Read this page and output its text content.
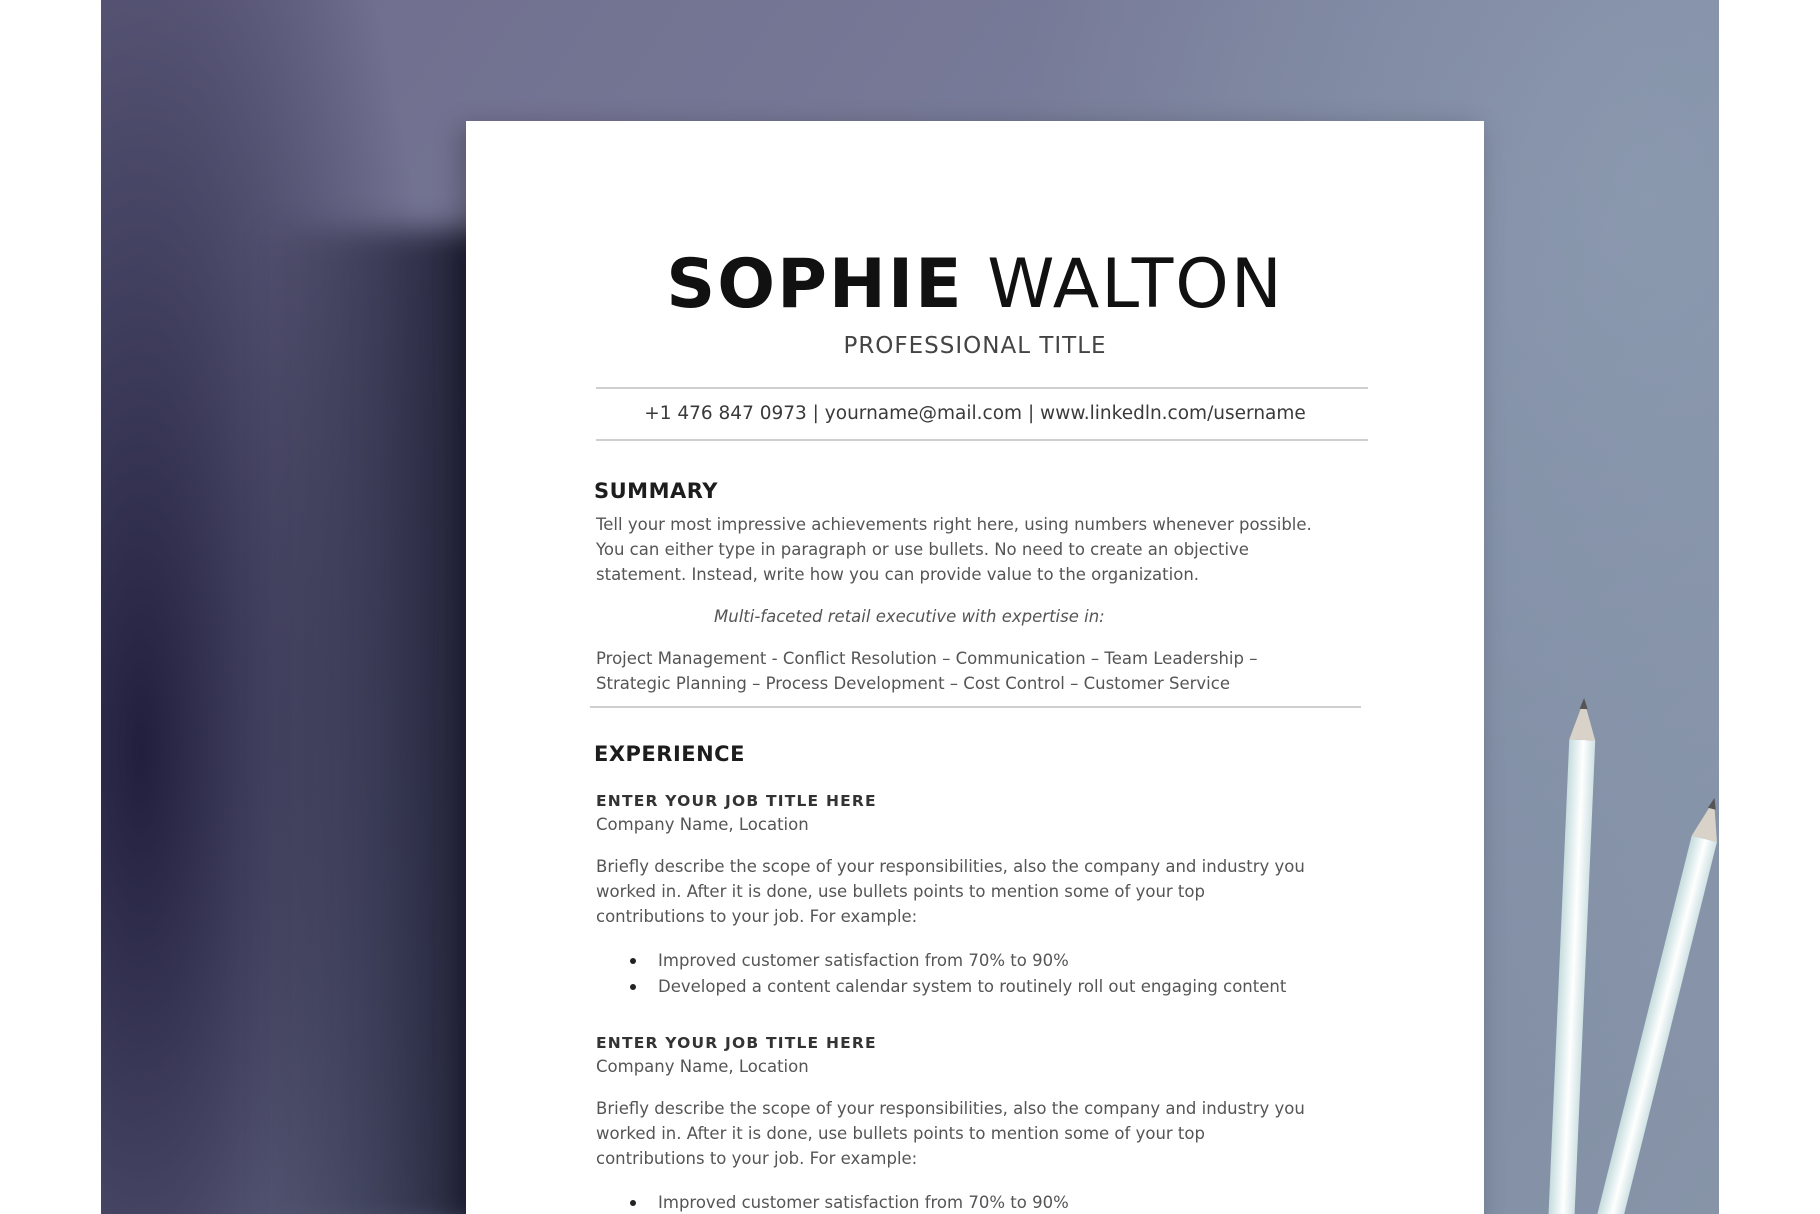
SOPHIE WALTON
PROFESSIONAL TITLE
+1 476 847 0973 | yourname@mail.com | www.linkedln.com/username
SUMMARY
Tell your most impressive achievements right here, using numbers whenever possible.
You can either type in paragraph or use bullets. No need to create an objective
statement. Instead, write how you can provide value to the organization.
Multi-faceted retail executive with expertise in:
Project Management - Conflict Resolution – Communication – Team Leadership –
Strategic Planning – Process Development – Cost Control – Customer Service
EXPERIENCE
ENTER YOUR JOB TITLE HERE
Company Name, Location
Briefly describe the scope of your responsibilities, also the company and industry you
worked in. After it is done, use bullets points to mention some of your top
contributions to your job. For example:
Improved customer satisfaction from 70% to 90%
Developed a content calendar system to routinely roll out engaging content
ENTER YOUR JOB TITLE HERE
Company Name, Location
Briefly describe the scope of your responsibilities, also the company and industry you
worked in. After it is done, use bullets points to mention some of your top
contributions to your job. For example:
Improved customer satisfaction from 70% to 90%
